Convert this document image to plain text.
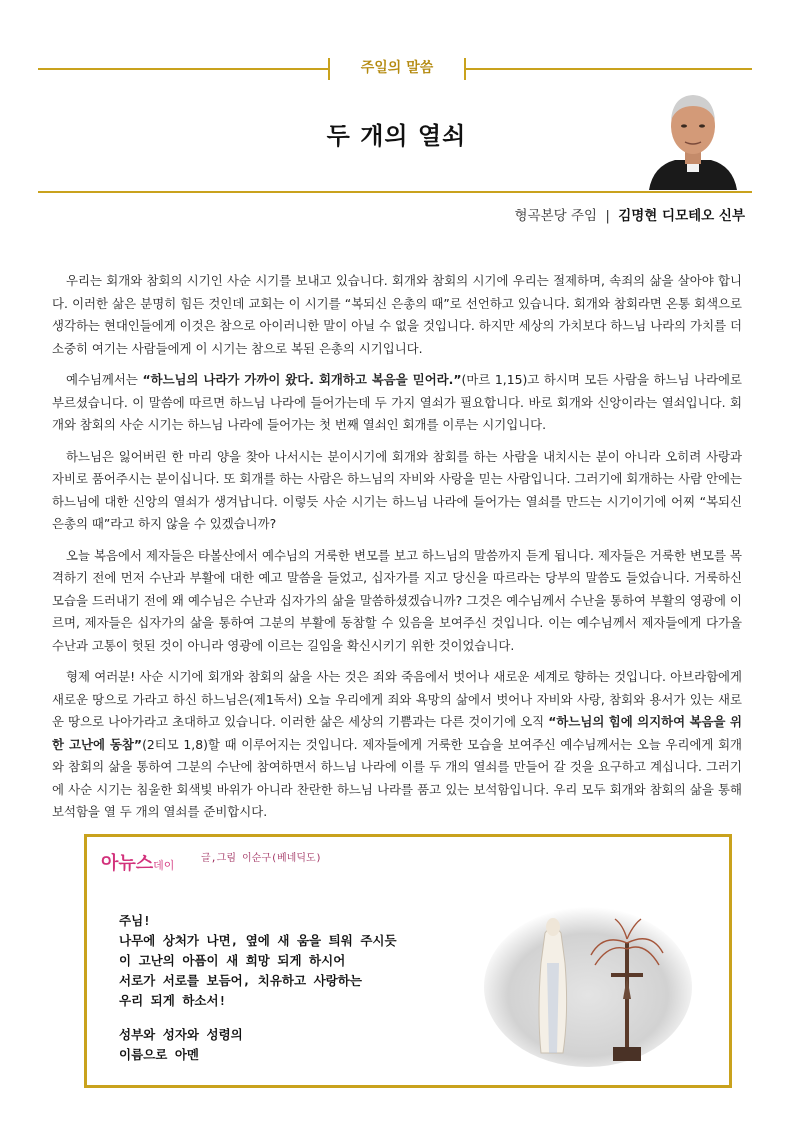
주일의 말씀
두 개의 열쇠
형곡본당 주임 | 김명현 디모테오 신부

우리는 회개와 참회의 시기인 사순 시기를 보내고 있습니다. 회개와 참회의 시기에 우리는 절제하며, 속죄의 삶을 살아야 합니다. 이러한 삶은 분명히 힘든 것인데 교회는 이 시기를 “복되신 은총의 때”로 선언하고 있습니다. 회개와 참회라면 온통 회색으로 생각하는 현대인들에게 이것은 참으로 아이러니한 말이 아닐 수 없을 것입니다. 하지만 세상의 가치보다 하느님 나라의 가치를 더 소중히 여기는 사람들에게 이 시기는 참으로 복된 은총의 시기입니다.

예수님께서는 “하느님의 나라가 가까이 왔다. 회개하고 복음을 믿어라.”(마르 1,15)고 하시며 모든 사람을 하느님 나라에로 부르셨습니다. 이 말씀에 따르면 하느님 나라에 들어가는데 두 가지 열쇠가 필요합니다. 바로 회개와 신앙이라는 열쇠입니다. 회개와 참회의 사순 시기는 하느님 나라에 들어가는 첫 번째 열쇠인 회개를 이루는 시기입니다.

하느님은 잃어버린 한 마리 양을 찾아 나서시는 분이시기에 회개와 참회를 하는 사람을 내치시는 분이 아니라 오히려 사랑과 자비로 품어주시는 분이십니다. 또 회개를 하는 사람은 하느님의 자비와 사랑을 믿는 사람입니다. 그러기에 회개하는 사람 안에는 하느님에 대한 신앙의 열쇠가 생겨납니다. 이렇듯 사순 시기는 하느님 나라에 들어가는 열쇠를 만드는 시기이기에 어찌 “복되신 은총의 때”라고 하지 않을 수 있겠습니까?

오늘 복음에서 제자들은 타볼산에서 예수님의 거룩한 변모를 보고 하느님의 말씀까지 듣게 됩니다. 제자들은 거룩한 변모를 목격하기 전에 먼저 수난과 부활에 대한 예고 말씀을 들었고, 십자가를 지고 당신을 따르라는 당부의 말씀도 들었습니다. 거룩하신 모습을 드러내기 전에 왜 예수님은 수난과 십자가의 삶을 말씀하셨겠습니까? 그것은 예수님께서 수난을 통하여 부활의 영광에 이르며, 제자들은 십자가의 삶을 통하여 그분의 부활에 동참할 수 있음을 보여주신 것입니다. 이는 예수님께서 제자들에게 다가올 수난과 고통이 헛된 것이 아니라 영광에 이르는 길임을 확신시키기 위한 것이었습니다.

형제 여러분! 사순 시기에 회개와 참회의 삶을 사는 것은 죄와 죽음에서 벗어나 새로운 세계로 향하는 것입니다. 아브라함에게 새로운 땅으로 가라고 하신 하느님은(제1독서) 오늘 우리에게 죄와 욕망의 삶에서 벗어나 자비와 사랑, 참회와 용서가 있는 새로운 땅으로 나아가라고 초대하고 있습니다. 이러한 삶은 세상의 기쁨과는 다른 것이기에 오직 “하느님의 힘에 의지하여 복음을 위한 고난에 동참”(2티모 1,8)할 때 이루어지는 것입니다. 제자들에게 거룩한 모습을 보여주신 예수님께서는 오늘 우리에게 회개와 참회의 삶을 통하여 그분의 수난에 참여하면서 하느님 나라에 이를 두 개의 열쇠를 만들어 갈 것을 요구하고 계십니다. 그러기에 사순 시기는 침울한 회색빛 바위가 아니라 찬란한 하느님 나라를 품고 있는 보석함입니다. 우리 모두 회개와 참회의 삶을 통해 보석함을 열 두 개의 열쇠를 준비합시다.

아뉴스데이
글,그림 이순구(베네딕도)
주님!
나무에 상처가 나면, 옆에 새 움을 틔워 주시듯
이 고난의 아픔이 새 희망 되게 하시어
서로가 서로를 보듬어, 치유하고 사랑하는
우리 되게 하소서!
성부와 성자와 성령의
이름으로 아멘
